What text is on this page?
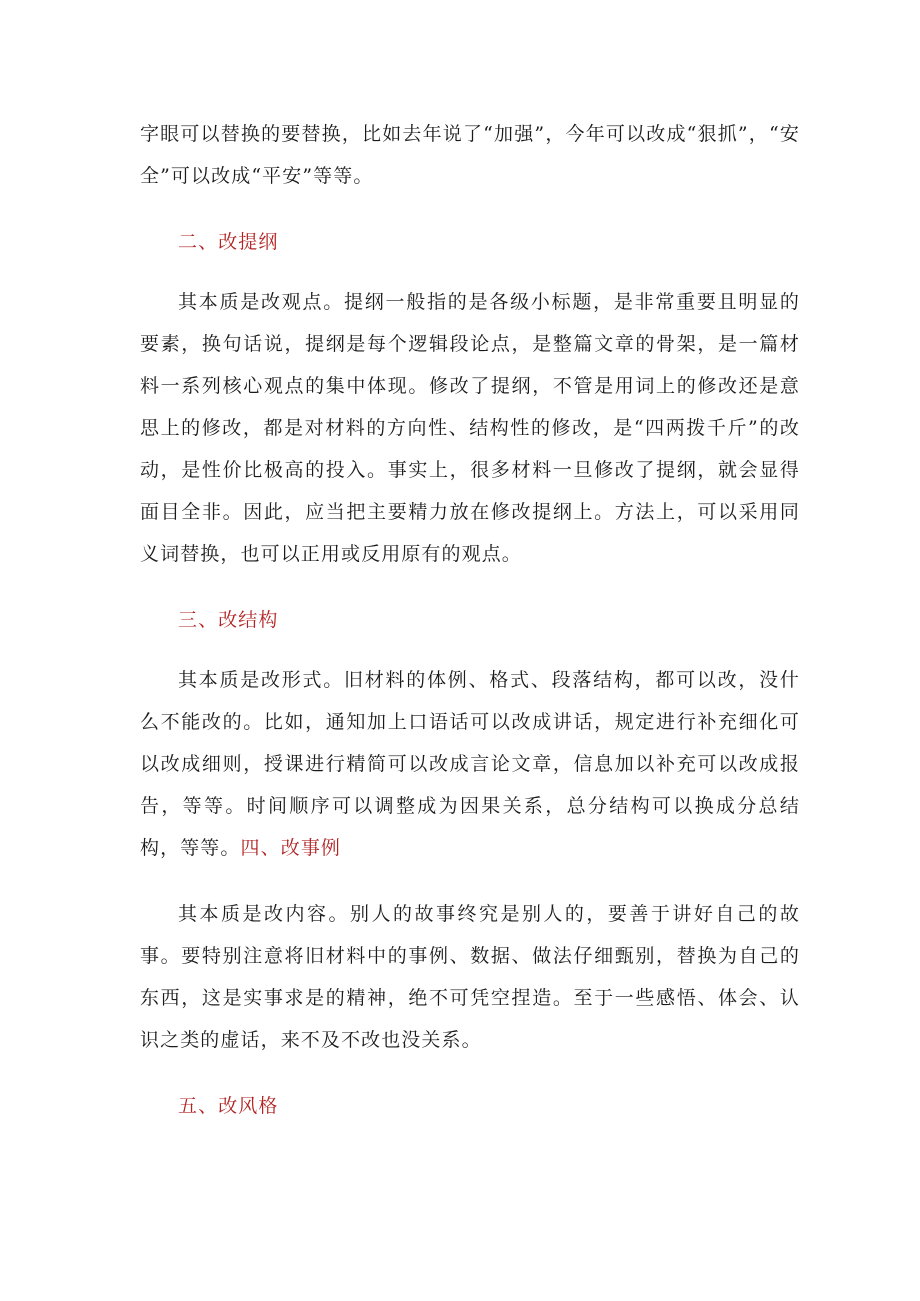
字眼可以替换的要替换，比如去年说了“加强”，今年可以改成“狠抓”，“安全”可以改成“平安”等等。

二、改提纲

其本质是改观点。提纲一般指的是各级小标题，是非常重要且明显的要素，换句话说，提纲是每个逻辑段论点，是整篇文章的骨架，是一篇材料一系列核心观点的集中体现。修改了提纲，不管是用词上的修改还是意思上的修改，都是对材料的方向性、结构性的修改，是“四两拨千斤”的改动，是性价比极高的投入。事实上，很多材料一旦修改了提纲，就会显得面目全非。因此，应当把主要精力放在修改提纲上。方法上，可以采用同义词替换，也可以正用或反用原有的观点。

三、改结构

其本质是改形式。旧材料的体例、格式、段落结构，都可以改，没什么不能改的。比如，通知加上口语话可以改成讲话，规定进行补充细化可以改成细则，授课进行精简可以改成言论文章，信息加以补充可以改成报告，等等。时间顺序可以调整成为因果关系，总分结构可以换成分总结构，等等。四、改事例

其本质是改内容。别人的故事终究是别人的，要善于讲好自己的故事。要特别注意将旧材料中的事例、数据、做法仔细甄别，替换为自己的东西，这是实事求是的精神，绝不可凭空捏造。至于一些感悟、体会、认识之类的虚话，来不及不改也没关系。

五、改风格
